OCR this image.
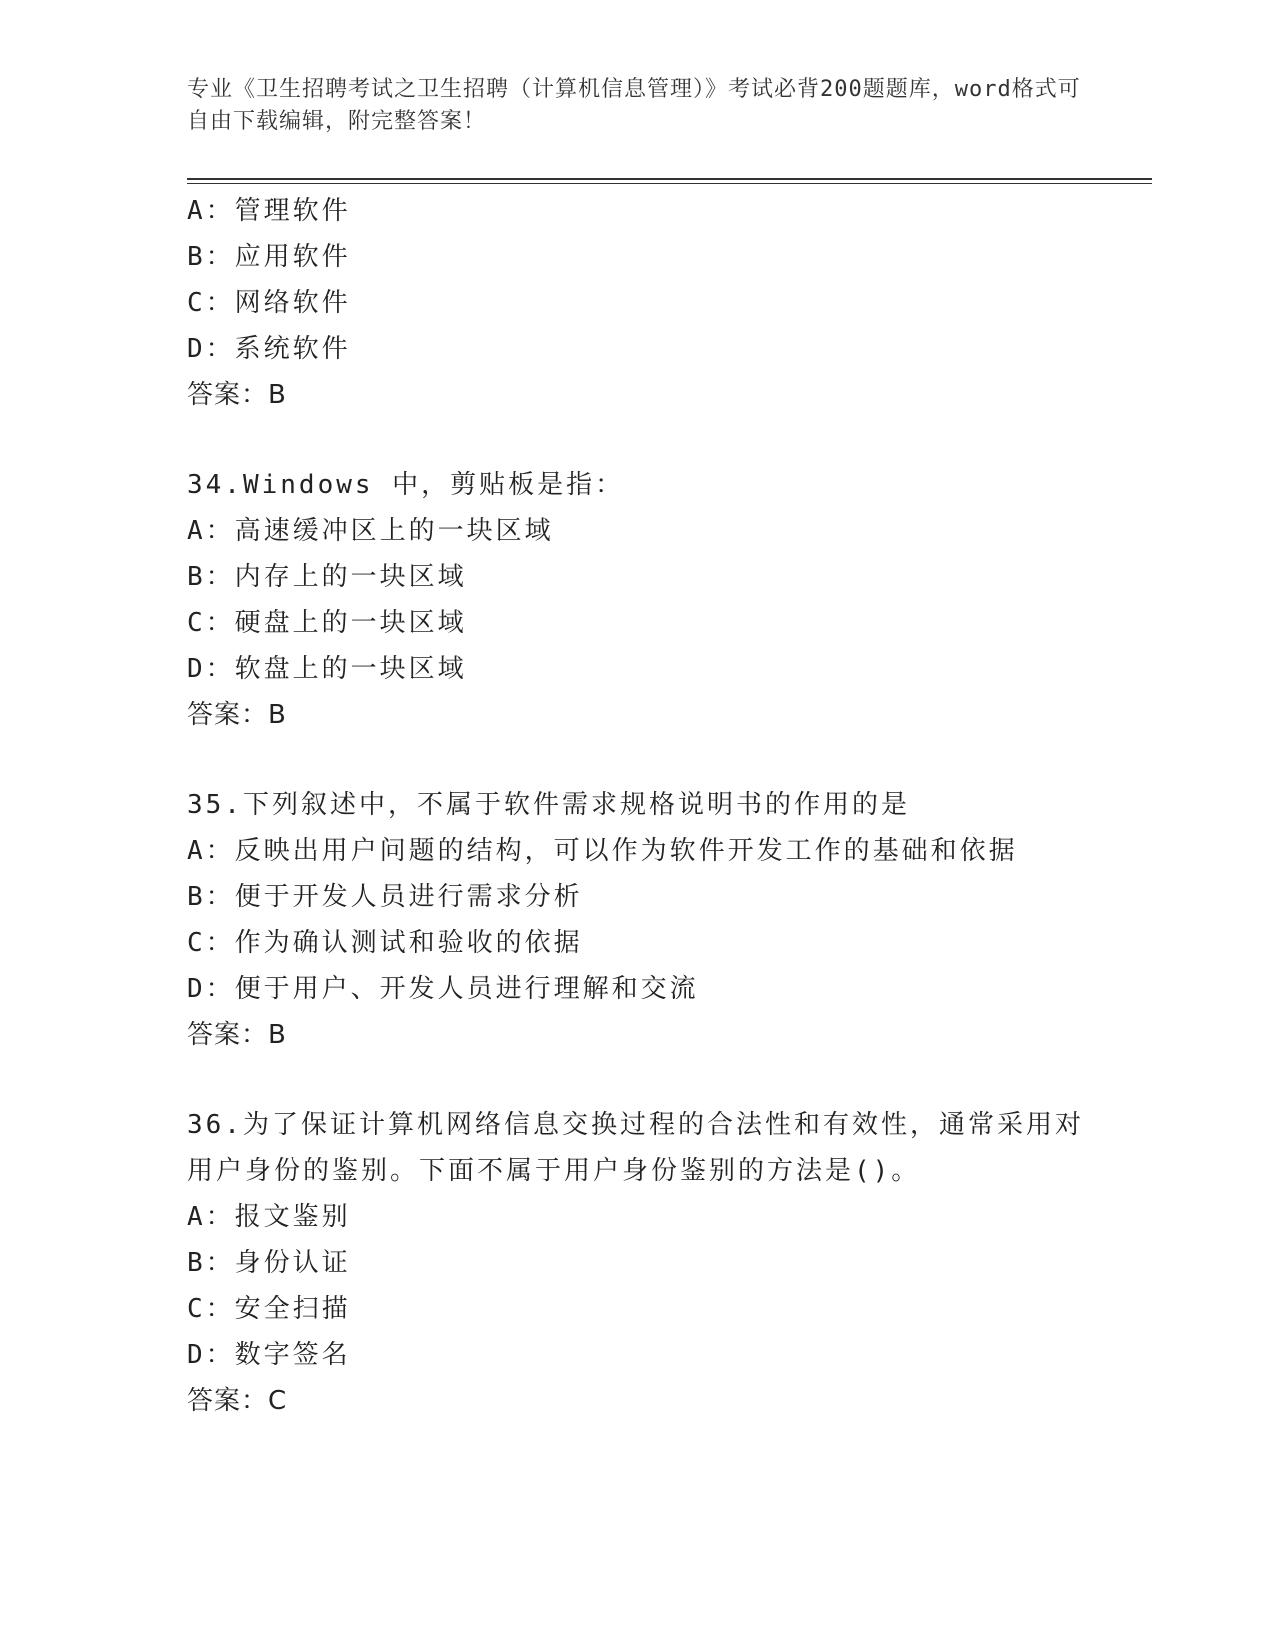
专业《卫生招聘考试之卫生招聘（计算机信息管理）》考试必背200题题库，word格式可自由下载编辑，附完整答案！
A：管理软件
B：应用软件
C：网络软件
D：系统软件
答案：B
34.Windows 中，剪贴板是指：
A：高速缓冲区上的一块区域
B：内存上的一块区域
C：硬盘上的一块区域
D：软盘上的一块区域
答案：B
35.下列叙述中，不属于软件需求规格说明书的作用的是
A：反映出用户问题的结构，可以作为软件开发工作的基础和依据
B：便于开发人员进行需求分析
C：作为确认测试和验收的依据
D：便于用户、开发人员进行理解和交流
答案：B
36.为了保证计算机网络信息交换过程的合法性和有效性，通常采用对用户身份的鉴别。下面不属于用户身份鉴别的方法是()。
A：报文鉴别
B：身份认证
C：安全扫描
D：数字签名
答案：C
